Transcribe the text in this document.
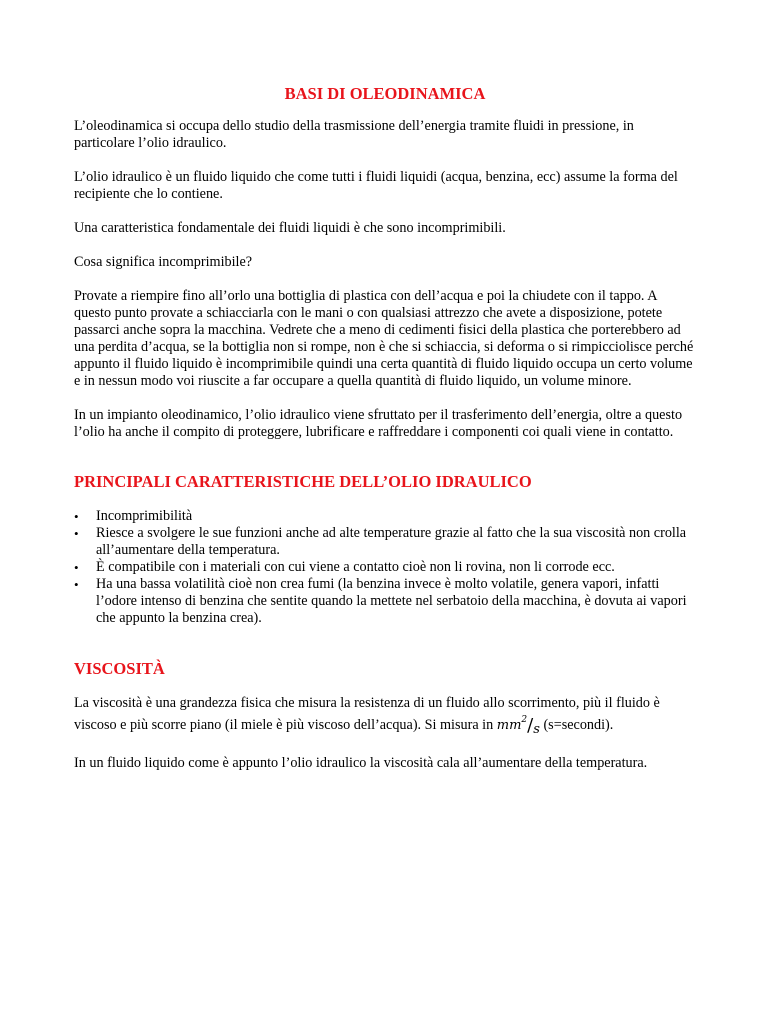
BASI DI OLEODINAMICA

L’oleodinamica si occupa dello studio della trasmissione dell’energia tramite fluidi in pressione, in particolare l’olio idraulico.

L’olio idraulico è un fluido liquido che come tutti i fluidi liquidi (acqua, benzina, ecc) assume la forma del recipiente che lo contiene.

Una caratteristica fondamentale dei fluidi liquidi è che sono incomprimibili.

Cosa significa incomprimibile?

Provate a riempire fino all’orlo una bottiglia di plastica con dell’acqua e poi la chiudete con il tappo. A questo punto provate a schiacciarla con le mani o con qualsiasi attrezzo che avete a disposizione, potete passarci anche sopra la macchina. Vedrete che a meno di cedimenti fisici della plastica che porterebbero ad una perdita d’acqua, se la bottiglia non si rompe, non è che si schiaccia, si deforma o si rimpicciolisce perché appunto il fluido liquido è incomprimibile quindi una certa quantità di fluido liquido occupa un certo volume e in nessun modo voi riuscite a far occupare a quella quantità di fluido liquido, un volume minore.

In un impianto oleodinamico, l’olio idraulico viene sfruttato per il trasferimento dell’energia, oltre a questo l’olio ha anche il compito di proteggere, lubrificare e raffreddare i componenti coi quali viene in contatto.

PRINCIPALI CARATTERISTICHE DELL’OLIO IDRAULICO
• Incomprimibilità
• Riesce a svolgere le sue funzioni anche ad alte temperature grazie al fatto che la sua viscosità non crolla all’aumentare della temperatura.
• È compatibile con i materiali con cui viene a contatto cioè non li rovina, non li corrode ecc.
• Ha una bassa volatilità cioè non crea fumi (la benzina invece è molto volatile, genera vapori, infatti l’odore intenso di benzina che sentite quando la mettete nel serbatoio della macchina, è dovuta ai vapori che appunto la benzina crea).
VISCOSITÀ

La viscosità è una grandezza fisica che misura la resistenza di un fluido allo scorrimento, più il fluido è viscoso e più scorre piano (il miele è più viscoso dell’acqua). Si misura in $mm^2/s$ (s=secondi).

In un fluido liquido come è appunto l’olio idraulico la viscosità cala all’aumentare della temperatura.
